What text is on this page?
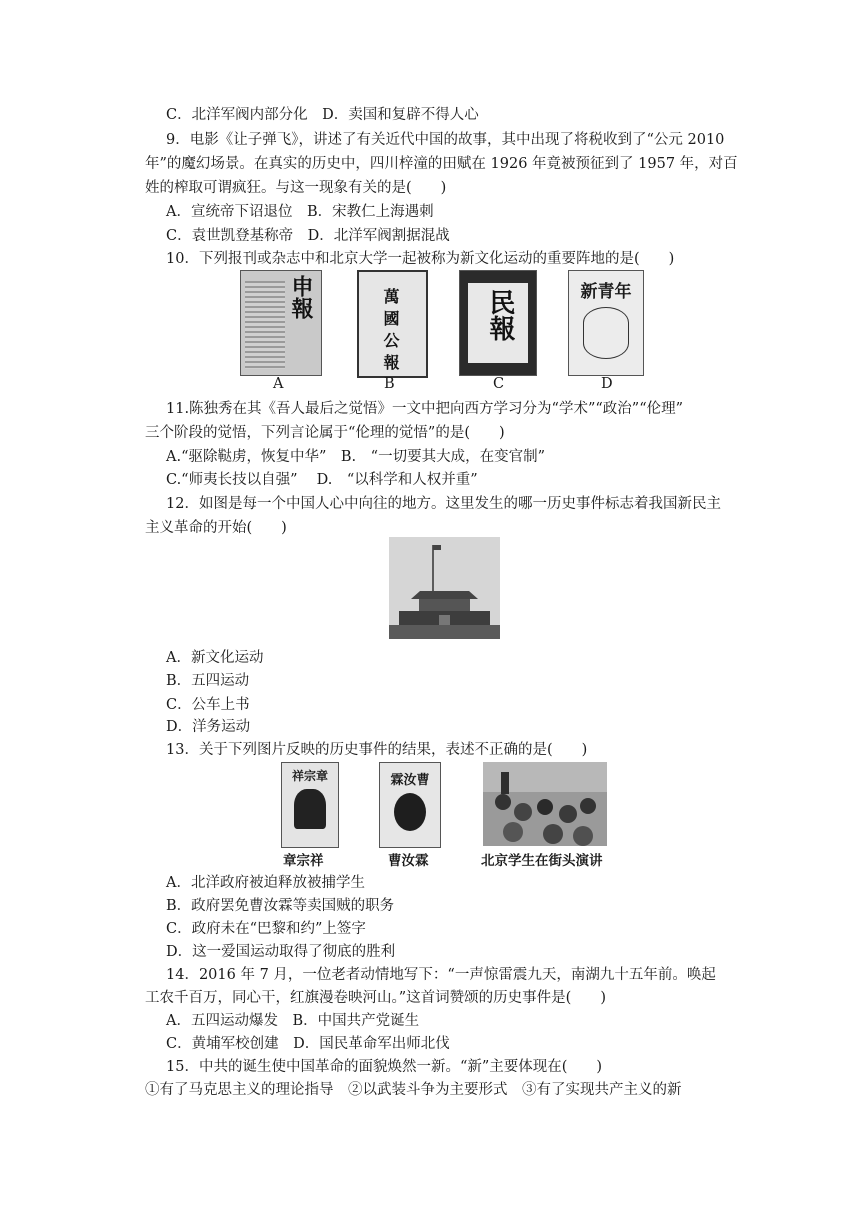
C．北洋军阀内部分化　D．卖国和复辟不得人心
9．电影《让子弹飞》，讲述了有关近代中国的故事，其中出现了将税收到了“公元 2010
年”的魔幻场景。在真实的历史中，四川梓潼的田赋在 1926 年竟被预征到了 1957 年，对百
姓的榨取可谓疯狂。与这一现象有关的是(　　)
A．宣统帝下诏退位　B．宋教仁上海遇刺
C．袁世凯登基称帝　D．北洋军阀割据混战
10．下列报刊或杂志中和北京大学一起被称为新文化运动的重要阵地的是(　　)
申報	萬國公報	民報	新青年
A	B	C	D
11.陈独秀在其《吾人最后之觉悟》一文中把向西方学习分为“学术”“政治”“伦理”
三个阶段的觉悟，下列言论属于“伦理的觉悟”的是(　　)
A.“驱除鞑虏，恢复中华”　B.　“一切要其大成，在变官制”
C.“师夷长技以自强”　 D.　“以科学和人权并重”
12．如图是每一个中国人心中向往的地方。这里发生的哪一历史事件标志着我国新民主
主义革命的开始(　　)
A．新文化运动
B．五四运动
C．公车上书
D．洋务运动
13．关于下列图片反映的历史事件的结果，表述不正确的是(　　)
祥宗章	霖汝曹
章宗祥	曹汝霖	北京学生在街头演讲
A．北洋政府被迫释放被捕学生
B．政府罢免曹汝霖等卖国贼的职务
C．政府未在“巴黎和约”上签字
D．这一爱国运动取得了彻底的胜利
14．2016 年 7 月，一位老者动情地写下：“一声惊雷震九天，南湖九十五年前。唤起
工农千百万，同心干，红旗漫卷映河山。”这首词赞颂的历史事件是(　　)
A．五四运动爆发　B．中国共产党诞生
C．黄埔军校创建　D．国民革命军出师北伐
15．中共的诞生使中国革命的面貌焕然一新。“新”主要体现在(　　)
①有了马克思主义的理论指导　②以武装斗争为主要形式　③有了实现共产主义的新
